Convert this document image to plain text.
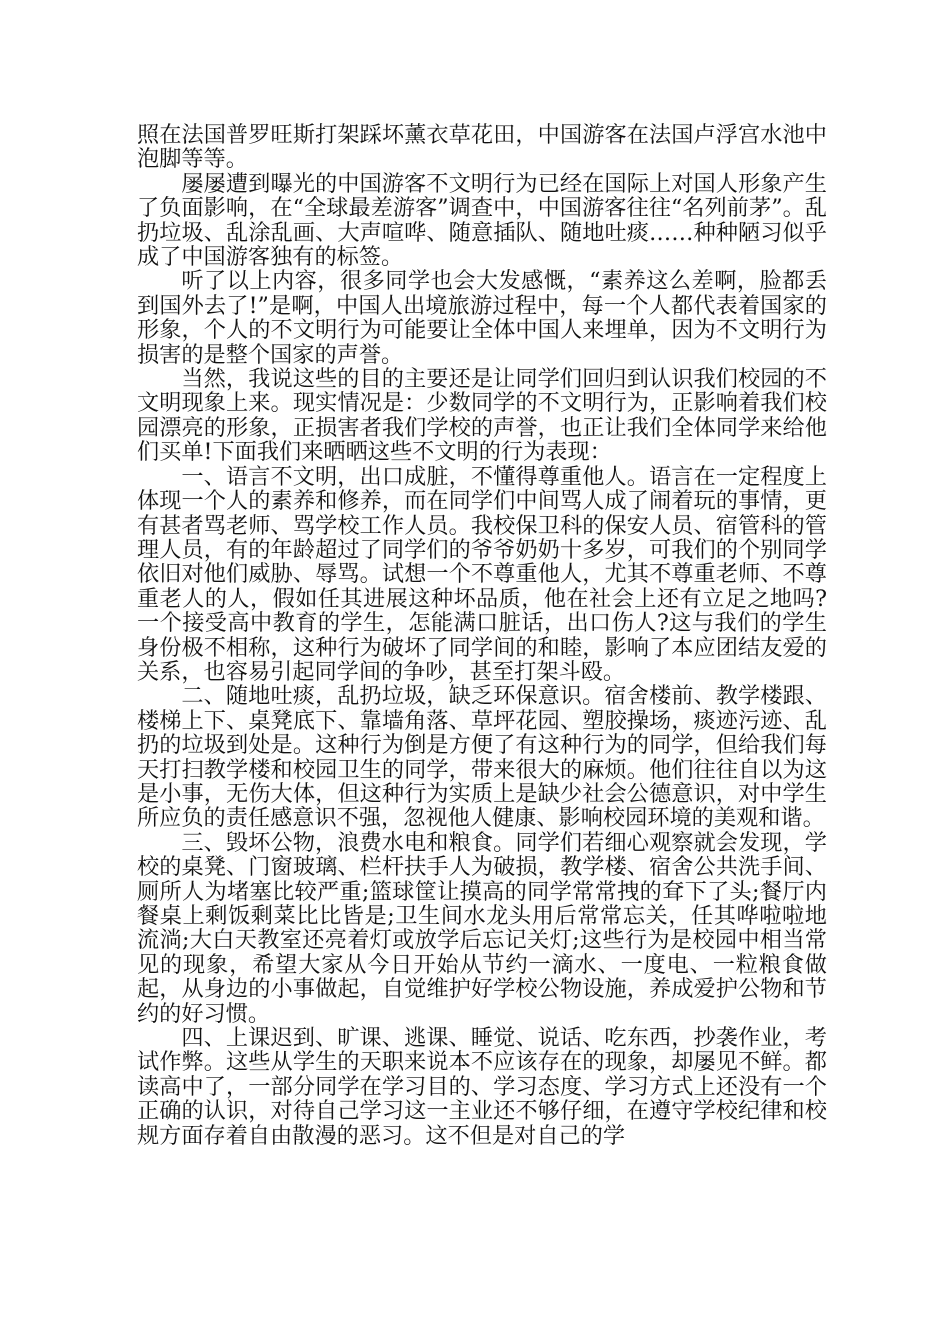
照在法国普罗旺斯打架踩坏薰衣草花田，中国游客在法国卢浮宫水池中泡脚等等。

屡屡遭到曝光的中国游客不文明行为已经在国际上对国人形象产生了负面影响，在“全球最差游客”调查中，中国游客往往“名列前茅”。乱扔垃圾、乱涂乱画、大声喧哗、随意插队、随地吐痰……种种陋习似乎成了中国游客独有的标签。

听了以上内容，很多同学也会大发感慨，“素养这么差啊，脸都丢到国外去了!”是啊，中国人出境旅游过程中，每一个人都代表着国家的形象，个人的不文明行为可能要让全体中国人来埋单，因为不文明行为损害的是整个国家的声誉。

当然，我说这些的目的主要还是让同学们回归到认识我们校园的不文明现象上来。现实情况是：少数同学的不文明行为，正影响着我们校园漂亮的形象，正损害者我们学校的声誉，也正让我们全体同学来给他们买单!下面我们来晒晒这些不文明的行为表现：

一、语言不文明，出口成脏，不懂得尊重他人。语言在一定程度上体现一个人的素养和修养，而在同学们中间骂人成了闹着玩的事情，更有甚者骂老师、骂学校工作人员。我校保卫科的保安人员、宿管科的管理人员，有的年龄超过了同学们的爷爷奶奶十多岁，可我们的个别同学依旧对他们威胁、辱骂。试想一个不尊重他人，尤其不尊重老师、不尊重老人的人，假如任其进展这种坏品质，他在社会上还有立足之地吗?一个接受高中教育的学生，怎能满口脏话，出口伤人?这与我们的学生身份极不相称，这种行为破坏了同学间的和睦，影响了本应团结友爱的关系，也容易引起同学间的争吵，甚至打架斗殴。

二、随地吐痰，乱扔垃圾，缺乏环保意识。宿舍楼前、教学楼跟、楼梯上下、桌凳底下、靠墙角落、草坪花园、塑胶操场，痰迹污迹、乱扔的垃圾到处是。这种行为倒是方便了有这种行为的同学，但给我们每天打扫教学楼和校园卫生的同学，带来很大的麻烦。他们往往自以为这是小事，无伤大体，但这种行为实质上是缺少社会公德意识，对中学生所应负的责任感意识不强，忽视他人健康、影响校园环境的美观和谐。

三、毁坏公物，浪费水电和粮食。同学们若细心观察就会发现，学校的桌凳、门窗玻璃、栏杆扶手人为破损，教学楼、宿舍公共洗手间、厕所人为堵塞比较严重;篮球筐让摸高的同学常常拽的耷下了头;餐厅内餐桌上剩饭剩菜比比皆是;卫生间水龙头用后常常忘关，任其哗啦啦地流淌;大白天教室还亮着灯或放学后忘记关灯;这些行为是校园中相当常见的现象，希望大家从今日开始从节约一滴水、一度电、一粒粮食做起，从身边的小事做起，自觉维护好学校公物设施，养成爱护公物和节约的好习惯。

四、上课迟到、旷课、逃课、睡觉、说话、吃东西，抄袭作业，考试作弊。这些从学生的天职来说本不应该存在的现象，却屡见不鲜。都读高中了，一部分同学在学习目的、学习态度、学习方式上还没有一个正确的认识，对待自己学习这一主业还不够仔细，在遵守学校纪律和校规方面存着自由散漫的恶习。这不但是对自己的学
